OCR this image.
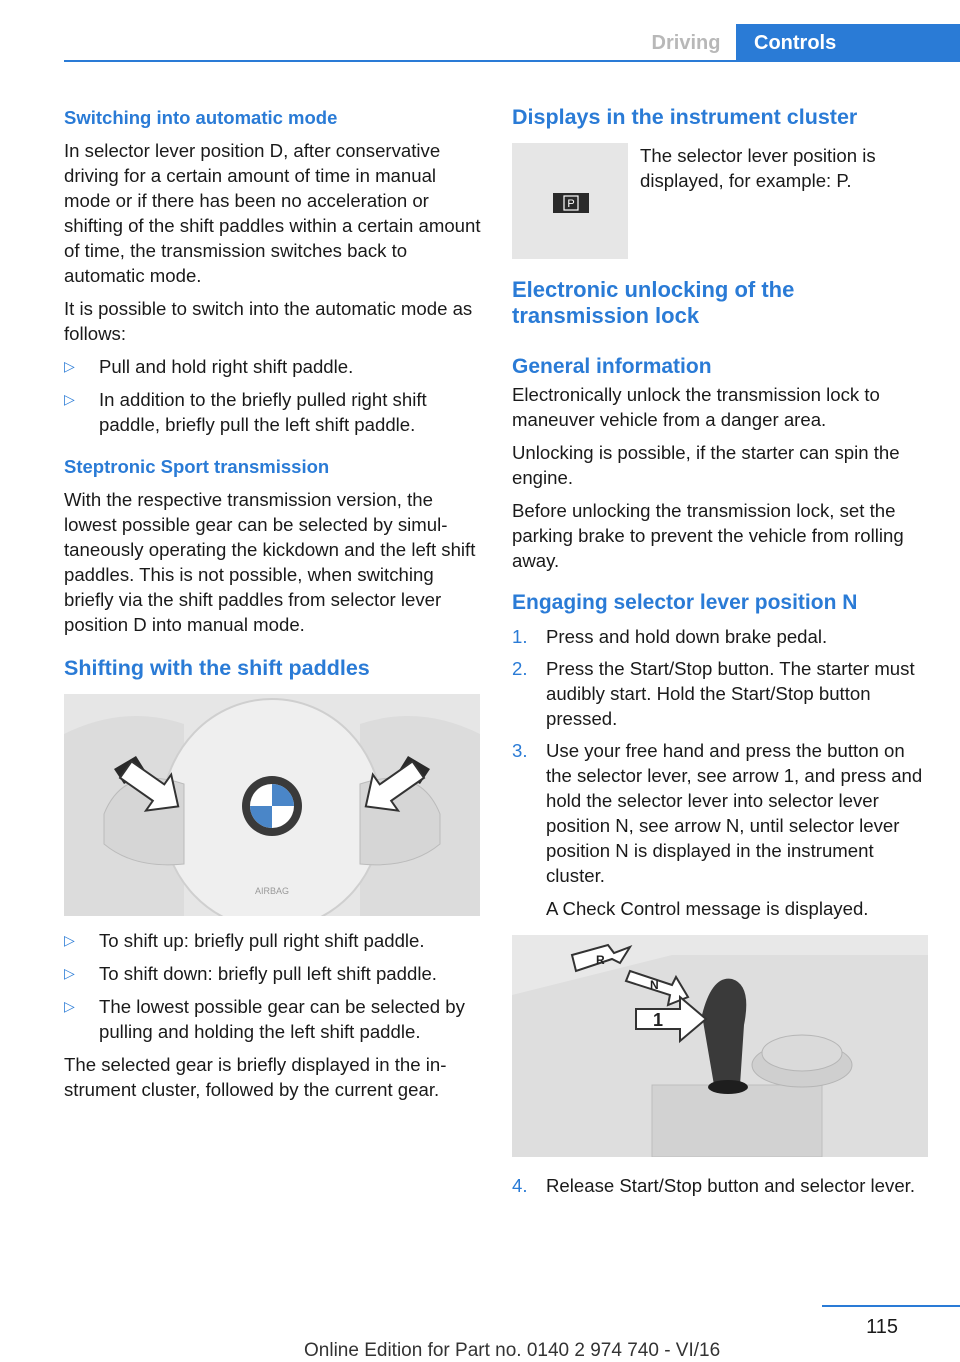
Driving	Controls
Switching into automatic mode

In selector lever position D, after conservative driving for a certain amount of time in manual mode or if there has been no acceleration or shifting of the shift paddles within a certain amount of time, the transmission switches back to automatic mode.

It is possible to switch into the automatic mode as follows:

▷ Pull and hold right shift paddle.
▷ In addition to the briefly pulled right shift paddle, briefly pull the left shift paddle.
Steptronic Sport transmission

With the respective transmission version, the lowest possible gear can be selected by simultaneously operating the kickdown and the left shift paddles. This is not possible, when switching briefly via the shift paddles from selector lever position D into manual mode.

Shifting with the shift paddles
AIRBAG
▷ To shift up: briefly pull right shift paddle.
▷ To shift down: briefly pull left shift paddle.
▷ The lowest possible gear can be selected by pulling and holding the left shift paddle.

The selected gear is briefly displayed in the instrument cluster, followed by the current gear.

Displays in the instrument cluster
P

The selector lever position is displayed, for example: P.

Electronic unlocking of the transmission lock
General information

Electronically unlock the transmission lock to maneuver vehicle from a danger area.

Unlocking is possible, if the starter can spin the engine.

Before unlocking the transmission lock, set the parking brake to prevent the vehicle from rolling away.

Engaging selector lever position N
1. Press and hold down brake pedal.
2. Press the Start/Stop button. The starter must audibly start. Hold the Start/Stop button pressed.
3. Use your free hand and press the button on the selector lever, see arrow 1, and press and hold the selector lever into selector lever position N, see arrow N, until selector lever position N is displayed in the instrument cluster.
A Check Control message is displayed.
R
N
1
4. Release Start/Stop button and selector lever.
115
Online Edition for Part no. 0140 2 974 740 - VI/16
